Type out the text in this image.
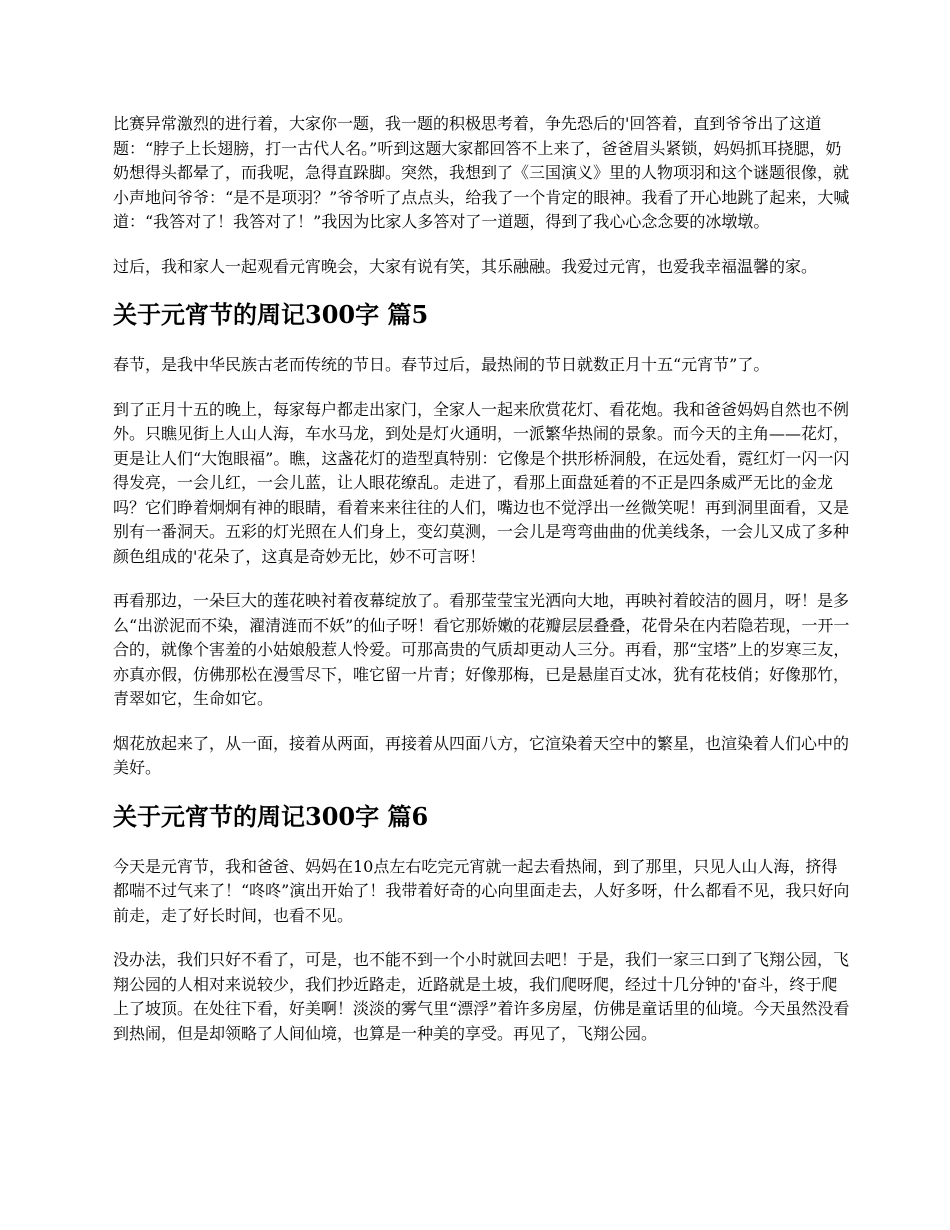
比赛异常激烈的进行着，大家你一题，我一题的积极思考着，争先恐后的'回答着，直到爷爷出了这道题：“脖子上长翅膀，打一古代人名。”听到这题大家都回答不上来了，爸爸眉头紧锁，妈妈抓耳挠腮，奶奶想得头都晕了，而我呢，急得直跺脚。突然，我想到了《三国演义》里的人物项羽和这个谜题很像，就小声地问爷爷：“是不是项羽？”爷爷听了点点头，给我了一个肯定的眼神。我看了开心地跳了起来，大喊道：“我答对了！我答对了！”我因为比家人多答对了一道题，得到了我心心念念要的冰墩墩。

过后，我和家人一起观看元宵晚会，大家有说有笑，其乐融融。我爱过元宵，也爱我幸福温馨的家。

关于元宵节的周记300字 篇5

春节，是我中华民族古老而传统的节日。春节过后，最热闹的节日就数正月十五“元宵节”了。

到了正月十五的晚上，每家每户都走出家门，全家人一起来欣赏花灯、看花炮。我和爸爸妈妈自然也不例外。只瞧见街上人山人海，车水马龙，到处是灯火通明，一派繁华热闹的景象。而今天的主角——花灯，更是让人们“大饱眼福”。瞧，这盏花灯的造型真特别：它像是个拱形桥洞般，在远处看，霓红灯一闪一闪得发亮，一会儿红，一会儿蓝，让人眼花缭乱。走进了，看那上面盘延着的不正是四条威严无比的金龙吗？它们睁着炯炯有神的眼睛，看着来来往往的人们，嘴边也不觉浮出一丝微笑呢！再到洞里面看，又是别有一番洞天。五彩的灯光照在人们身上，变幻莫测，一会儿是弯弯曲曲的优美线条，一会儿又成了多种颜色组成的'花朵了，这真是奇妙无比，妙不可言呀！

再看那边，一朵巨大的莲花映衬着夜幕绽放了。看那莹莹宝光洒向大地，再映衬着皎洁的圆月，呀！是多么“出淤泥而不染，濯清涟而不妖”的仙子呀！看它那娇嫩的花瓣层层叠叠，花骨朵在内若隐若现，一开一合的，就像个害羞的小姑娘般惹人怜爱。可那高贵的气质却更动人三分。再看，那“宝塔”上的岁寒三友，亦真亦假，仿佛那松在漫雪尽下，唯它留一片青；好像那梅，已是悬崖百丈冰，犹有花枝俏；好像那竹，青翠如它，生命如它。

烟花放起来了，从一面，接着从两面，再接着从四面八方，它渲染着天空中的繁星，也渲染着人们心中的美好。

关于元宵节的周记300字 篇6

今天是元宵节，我和爸爸、妈妈在10点左右吃完元宵就一起去看热闹，到了那里，只见人山人海，挤得都喘不过气来了！“咚咚”演出开始了！我带着好奇的心向里面走去，人好多呀，什么都看不见，我只好向前走，走了好长时间，也看不见。

没办法，我们只好不看了，可是，也不能不到一个小时就回去吧！于是，我们一家三口到了飞翔公园，飞翔公园的人相对来说较少，我们抄近路走，近路就是土坡，我们爬呀爬，经过十几分钟的'奋斗，终于爬上了坡顶。在处往下看，好美啊！淡淡的雾气里“漂浮”着许多房屋，仿佛是童话里的仙境。今天虽然没看到热闹，但是却领略了人间仙境，也算是一种美的享受。再见了，飞翔公园。
